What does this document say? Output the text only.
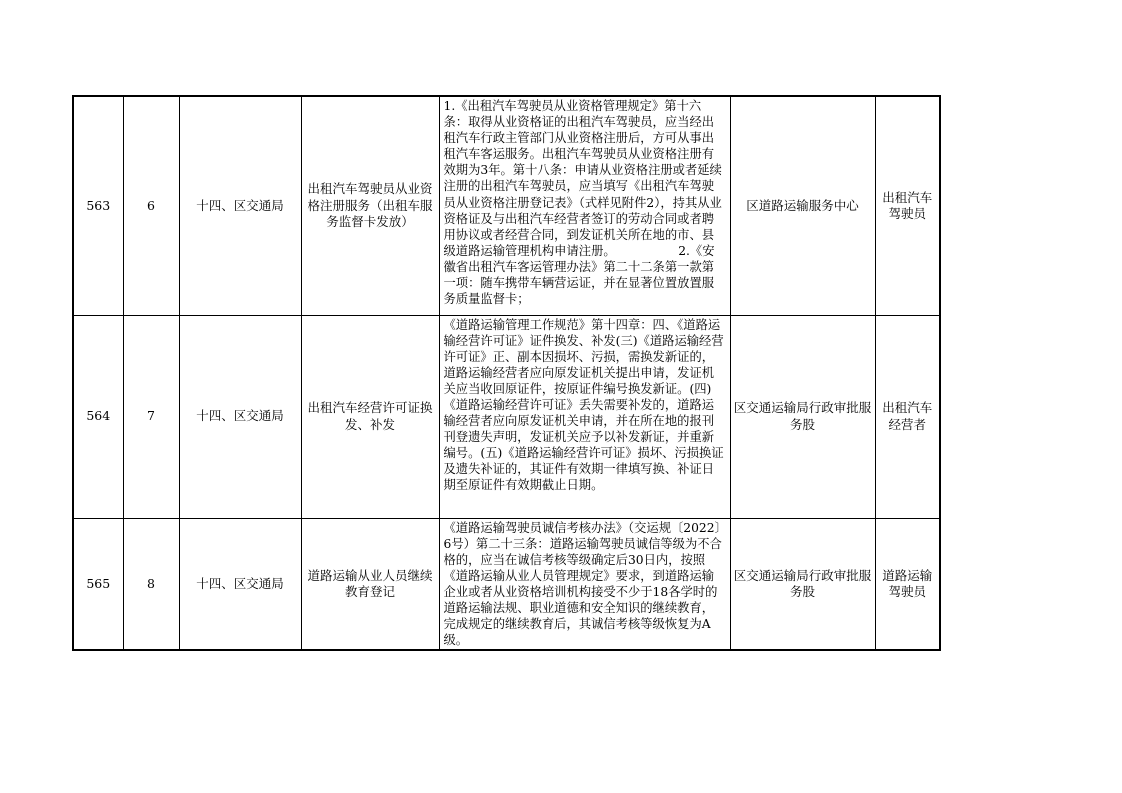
563	6	十四、区交通局	出租汽车驾驶员从业资格注册服务（出租车服务监督卡发放）	1.《出租汽车驾驶员从业资格管理规定》第十六条：取得从业资格证的出租汽车驾驶员，应当经出租汽车行政主管部门从业资格注册后，方可从事出租汽车客运服务。出租汽车驾驶员从业资格注册有效期为3年。第十八条：申请从业资格注册或者延续注册的出租汽车驾驶员，应当填写《出租汽车驾驶员从业资格注册登记表》（式样见附件2），持其从业资格证及与出租汽车经营者签订的劳动合同或者聘用协议或者经营合同，到发证机关所在地的市、县级道路运输管理机构申请注册。                2.《安徽省出租汽车客运管理办法》第二十二条第一款第一项：随车携带车辆营运证，并在显著位置放置服务质量监督卡；	区道路运输服务中心	出租汽车驾驶员
564	7	十四、区交通局	出租汽车经营许可证换发、补发	《道路运输管理工作规范》第十四章：四、《道路运输经营许可证》证件换发、补发(三)《道路运输经营许可证》正、副本因损坏、污损，需换发新证的，道路运输经营者应向原发证机关提出申请，发证机关应当收回原证件，按原证件编号换发新证。(四)《道路运输经营许可证》丢失需要补发的，道路运输经营者应向原发证机关申请，并在所在地的报刊刊登遗失声明，发证机关应予以补发新证，并重新编号。(五)《道路运输经营许可证》损坏、污损换证及遗失补证的，其证件有效期一律填写换、补证日期至原证件有效期截止日期。	区交通运输局行政审批服务股	出租汽车经营者
565	8	十四、区交通局	道路运输从业人员继续教育登记	《道路运输驾驶员诚信考核办法》（交运规〔2022〕6号）第二十三条：道路运输驾驶员诚信等级为不合格的，应当在诚信考核等级确定后30日内，按照《道路运输从业人员管理规定》要求，到道路运输企业或者从业资格培训机构接受不少于18各学时的道路运输法规、职业道德和安全知识的继续教育，完成规定的继续教育后，其诚信考核等级恢复为A级。	区交通运输局行政审批服务股	道路运输驾驶员
